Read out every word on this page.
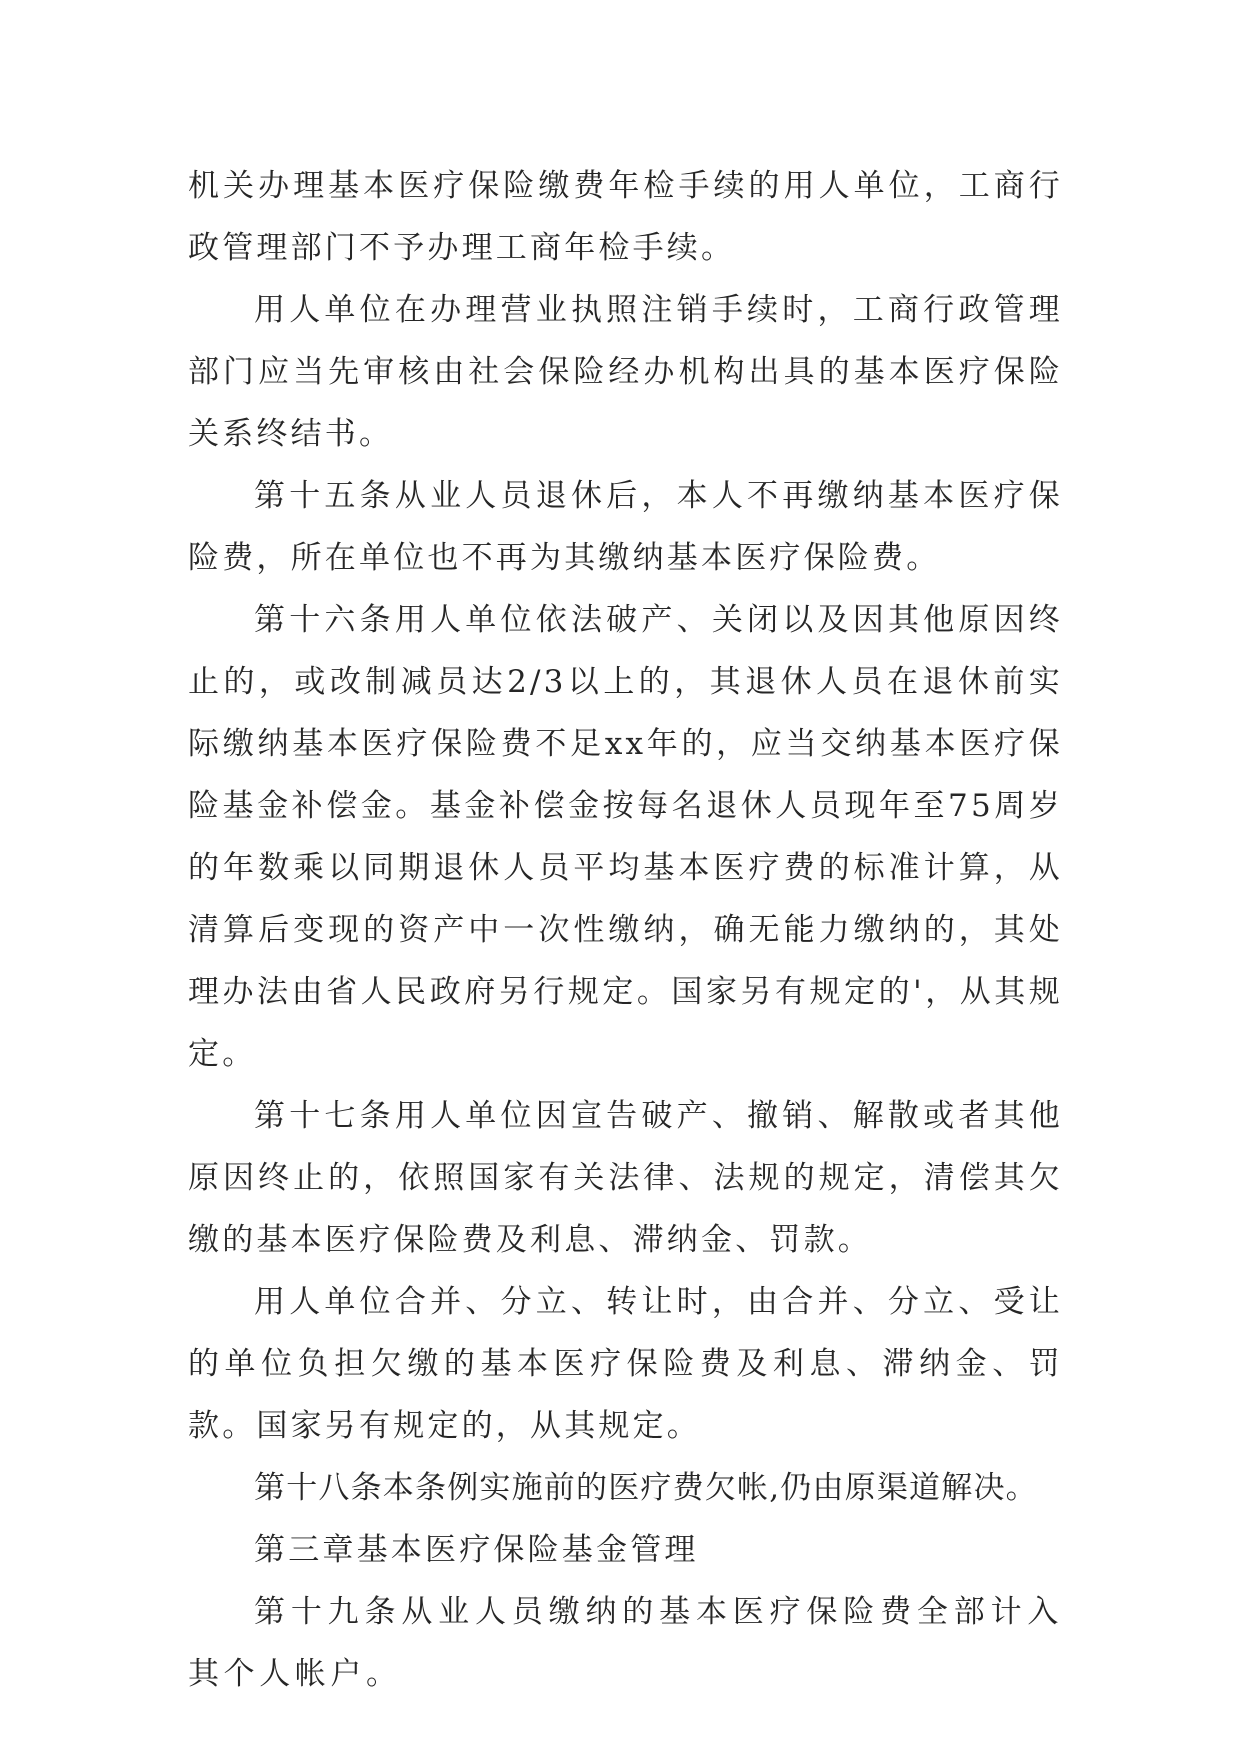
机关办理基本医疗保险缴费年检手续的用人单位，工商行政管理部门不予办理工商年检手续。

用人单位在办理营业执照注销手续时，工商行政管理部门应当先审核由社会保险经办机构出具的基本医疗保险关系终结书。

第十五条从业人员退休后，本人不再缴纳基本医疗保险费，所在单位也不再为其缴纳基本医疗保险费。

第十六条用人单位依法破产、关闭以及因其他原因终止的，或改制减员达2/3以上的，其退休人员在退休前实际缴纳基本医疗保险费不足xx年的，应当交纳基本医疗保险基金补偿金。基金补偿金按每名退休人员现年至75周岁的年数乘以同期退休人员平均基本医疗费的标准计算，从清算后变现的资产中一次性缴纳，确无能力缴纳的，其处理办法由省人民政府另行规定。国家另有规定的'，从其规定。

第十七条用人单位因宣告破产、撤销、解散或者其他原因终止的，依照国家有关法律、法规的规定，清偿其欠缴的基本医疗保险费及利息、滞纳金、罚款。

用人单位合并、分立、转让时，由合并、分立、受让的单位负担欠缴的基本医疗保险费及利息、滞纳金、罚款。国家另有规定的，从其规定。

第十八条本条例实施前的医疗费欠帐,仍由原渠道解决。

第三章基本医疗保险基金管理

第十九条从业人员缴纳的基本医疗保险费全部计入其个人帐户。
